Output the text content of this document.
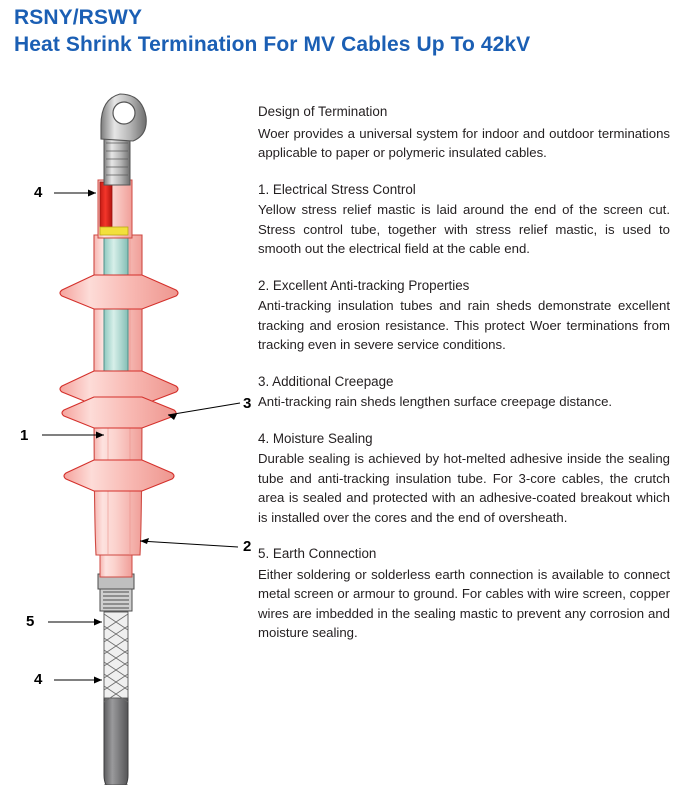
RSNY/RSWY
Heat Shrink Termination For MV Cables Up To 42kV
4
1
5
4
3
2
Design of Termination

Woer provides a universal system for indoor and outdoor terminations applicable to paper or polymeric insulated cables.

1. Electrical Stress Control

Yellow stress relief mastic is laid around the end of the screen cut. Stress control tube, together with stress relief mastic, is used to smooth out the electrical field at the cable end.

2. Excellent Anti-tracking Properties

Anti-tracking insulation tubes and rain sheds demonstrate excellent tracking and erosion resistance. This protect Woer terminations from tracking even in severe service conditions.

3. Additional Creepage

Anti-tracking rain sheds lengthen surface creepage distance.

4. Moisture Sealing

Durable sealing is achieved by hot-melted adhesive inside the sealing tube and anti-tracking insulation tube. For 3-core cables, the crutch area is sealed and protected with an adhesive-coated breakout which is installed over the cores and the end of oversheath.

5. Earth Connection

Either soldering or solderless earth connection is available to connect metal screen or armour to ground. For cables with wire screen, copper wires are imbedded in the sealing mastic to prevent any corrosion and moisture sealing.
